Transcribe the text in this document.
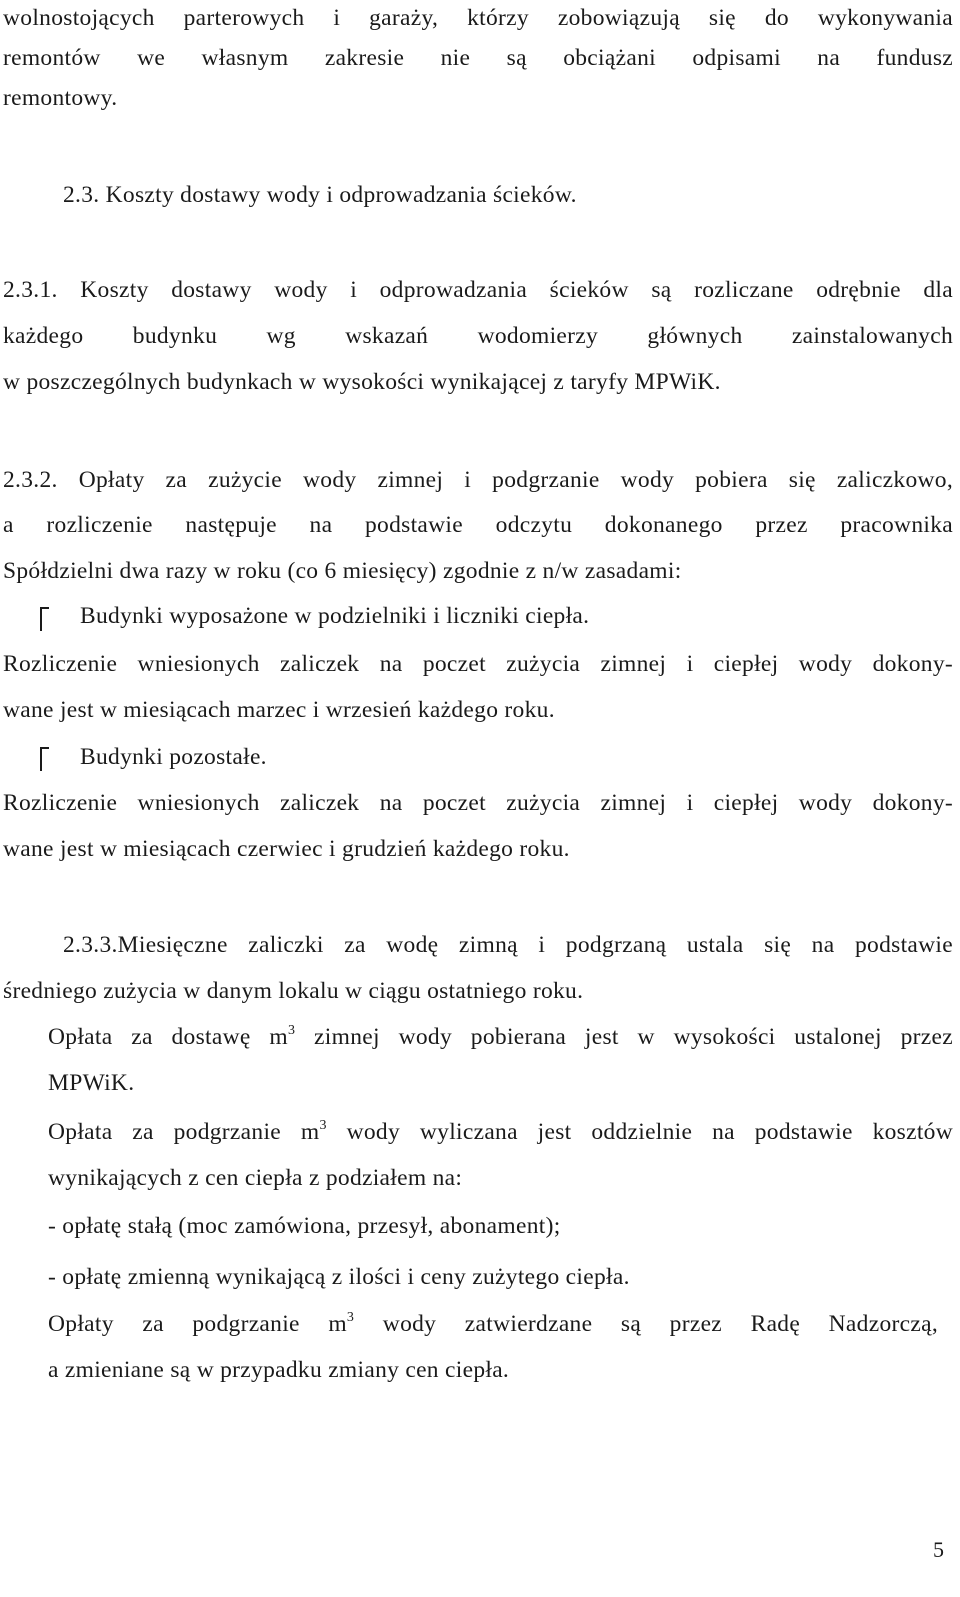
wolnostojących parterowych i garaży, którzy zobowiązują się do wykonywania
remontów we własnym zakresie nie są obciążani odpisami na fundusz
remontowy.
2.3. Koszty dostawy wody i odprowadzania ścieków.
2.3.1. Koszty dostawy wody i odprowadzania ścieków są rozliczane odrębnie dla
każdego budynku wg wskazań wodomierzy głównych zainstalowanych
w poszczególnych budynkach w wysokości wynikającej z taryfy MPWiK.
2.3.2. Opłaty za zużycie wody zimnej i podgrzanie wody pobiera się zaliczkowo,
a rozliczenie następuje na podstawie odczytu dokonanego przez pracownika
Spółdzielni dwa razy w roku (co 6 miesięcy) zgodnie z n/w zasadami:
Budynki wyposażone w podzielniki i liczniki ciepła.
Rozliczenie wniesionych zaliczek na poczet zużycia zimnej i ciepłej wody dokony-
wane jest w miesiącach marzec i wrzesień każdego roku.
Budynki pozostałe.
Rozliczenie wniesionych zaliczek na poczet zużycia zimnej i ciepłej wody dokony-
wane jest w miesiącach czerwiec i grudzień każdego roku.
2.3.3.Miesięczne zaliczki za wodę zimną i podgrzaną ustala się na podstawie
średniego zużycia w danym lokalu w ciągu ostatniego roku.
Opłata za dostawę $m^3$ zimnej wody pobierana jest w wysokości ustalonej przez
MPWiK.
Opłata za podgrzanie $m^3$ wody wyliczana jest oddzielnie na podstawie kosztów
wynikających z cen ciepła z podziałem na:
- opłatę stałą (moc zamówiona, przesył, abonament);
- opłatę zmienną wynikającą z ilości i ceny zużytego ciepła.
Opłaty za podgrzanie $m^3$ wody zatwierdzane są przez Radę Nadzorczą,
a zmieniane są w przypadku zmiany cen ciepła.
5
